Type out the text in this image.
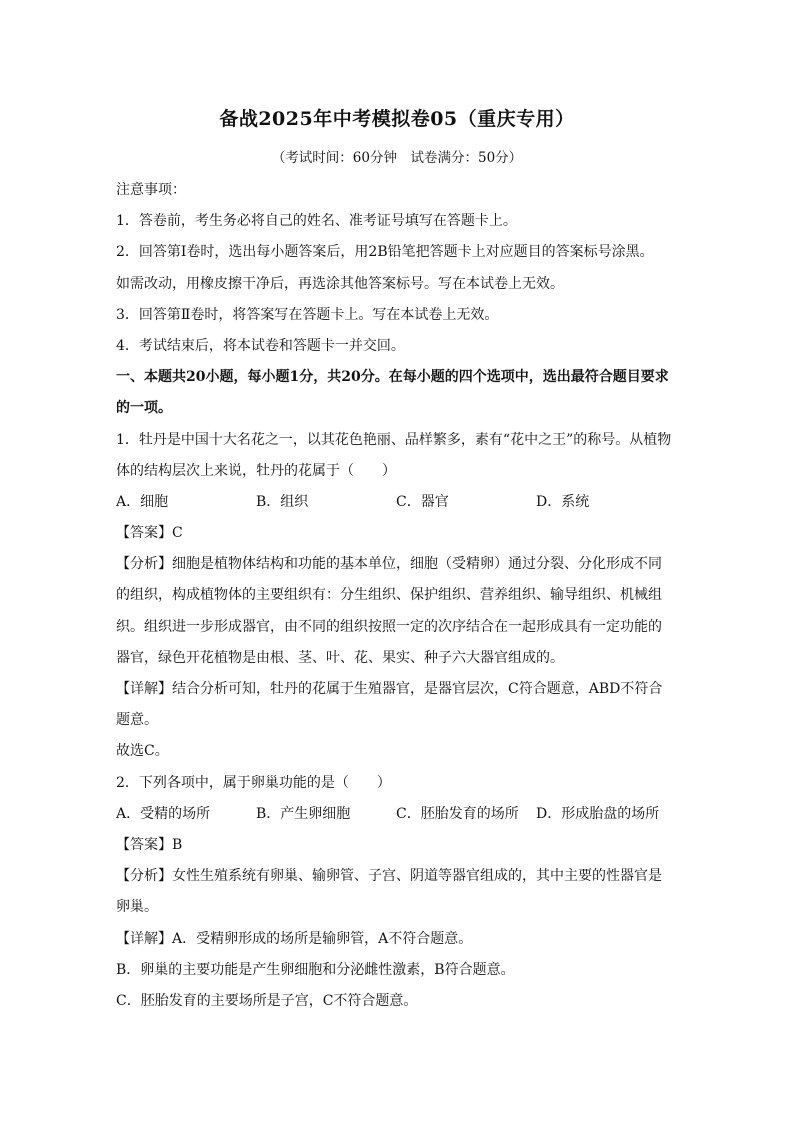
备战2025年中考模拟卷05（重庆专用）
（考试时间：60分钟　试卷满分：50分）
注意事项：
1．答卷前，考生务必将自己的姓名、准考证号填写在答题卡上。
2．回答第Ⅰ卷时，选出每小题答案后，用2B铅笔把答题卡上对应题目的答案标号涂黑。
如需改动，用橡皮擦干净后，再选涂其他答案标号。写在本试卷上无效。
3．回答第Ⅱ卷时，将答案写在答题卡上。写在本试卷上无效。
4．考试结束后，将本试卷和答题卡一并交回。
一、本题共20小题，每小题1分，共20分。在每小题的四个选项中，选出最符合题目要求
的一项。
1．牡丹是中国十大名花之一，以其花色艳丽、品样繁多，素有“花中之王”的称号。从植物
体的结构层次上来说，牡丹的花属于（　　）
A．细胞	B．组织	C．器官	D．系统
【答案】C
【分析】细胞是植物体结构和功能的基本单位，细胞（受精卵）通过分裂、分化形成不同
的组织，构成植物体的主要组织有：分生组织、保护组织、营养组织、输导组织、机械组
织。组织进一步形成器官，由不同的组织按照一定的次序结合在一起形成具有一定功能的
器官，绿色开花植物是由根、茎、叶、花、果实、种子六大器官组成的。
【详解】结合分析可知，牡丹的花属于生殖器官，是器官层次，C符合题意，ABD不符合
题意。
故选C。
2．下列各项中，属于卵巢功能的是（　　）
A．受精的场所	B．产生卵细胞	C．胚胎发育的场所	D．形成胎盘的场所
【答案】B
【分析】女性生殖系统有卵巢、输卵管、子宫、阴道等器官组成的，其中主要的性器官是
卵巢。
【详解】A．受精卵形成的场所是输卵管，A不符合题意。
B．卵巢的主要功能是产生卵细胞和分泌雌性激素，B符合题意。
C．胚胎发育的主要场所是子宫，C不符合题意。
